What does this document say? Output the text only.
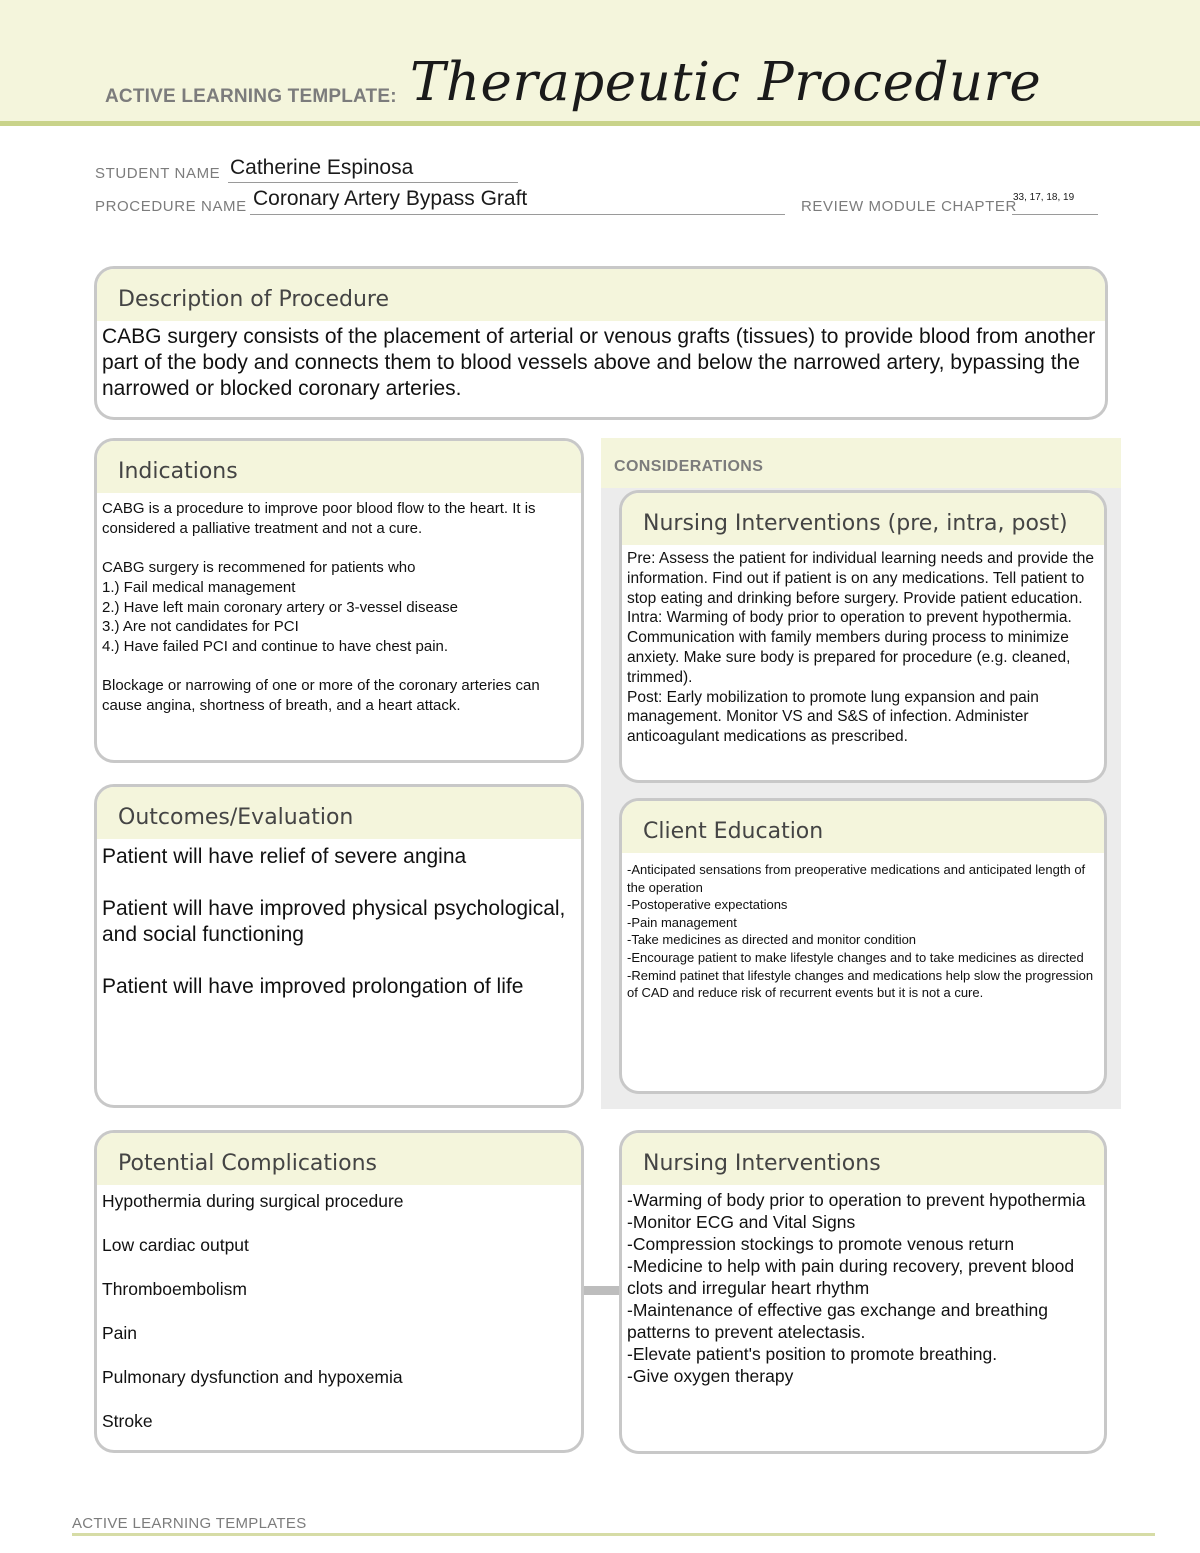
ACTIVE LEARNING TEMPLATE: Therapeutic Procedure
STUDENT NAME Catherine Espinosa
PROCEDURE NAME Coronary Artery Bypass Graft	REVIEW MODULE CHAPTER
33, 17, 18, 19
Description of Procedure

CABG surgery consists of the placement of arterial or venous grafts (tissues) to provide blood from another part of the body and connects them to blood vessels above and below the narrowed artery, bypassing the narrowed or blocked coronary arteries.

Indications

CABG is a procedure to improve poor blood flow to the heart. It is considered a palliative treatment and not a cure.

CABG surgery is recommened for patients who
1.) Fail medical management
2.) Have left main coronary artery or 3-vessel disease
3.) Are not candidates for PCI
4.) Have failed PCI and continue to have chest pain.

Blockage or narrowing of one or more of the coronary arteries can cause angina, shortness of breath, and a heart attack.

CONSIDERATIONS
Nursing Interventions (pre, intra, post)

Pre: Assess the patient for individual learning needs and provide the information. Find out if patient is on any medications. Tell patient to stop eating and drinking before surgery. Provide patient education.
Intra: Warming of body prior to operation to prevent hypothermia. Communication with family members during process to minimize anxiety. Make sure body is prepared for procedure (e.g. cleaned, trimmed).
Post: Early mobilization to promote lung expansion and pain management. Monitor VS and S&S of infection. Administer anticoagulant medications as prescribed.

Outcomes/Evaluation

Patient will have relief of severe angina

Patient will have improved physical psychological, and social functioning

Patient will have improved prolongation of life

Client Education

-Anticipated sensations from preoperative medications and anticipated length of the operation
-Postoperative expectations
-Pain management
-Take medicines as directed and monitor condition
-Encourage patient to make lifestyle changes and to take medicines as directed
-Remind patinet that lifestyle changes and medications help slow the progression of CAD and reduce risk of recurrent events but it is not a cure.

Potential Complications

Hypothermia during surgical procedure

Low cardiac output

Thromboembolism

Pain

Pulmonary dysfunction and hypoxemia

Stroke

Nursing Interventions

-Warming of body prior to operation to prevent hypothermia
-Monitor ECG and Vital Signs
-Compression stockings to promote venous return
-Medicine to help with pain during recovery, prevent blood clots and irregular heart rhythm
-Maintenance of effective gas exchange and breathing patterns to prevent atelectasis.
-Elevate patient's position to promote breathing.
-Give oxygen therapy

ACTIVE LEARNING TEMPLATES
